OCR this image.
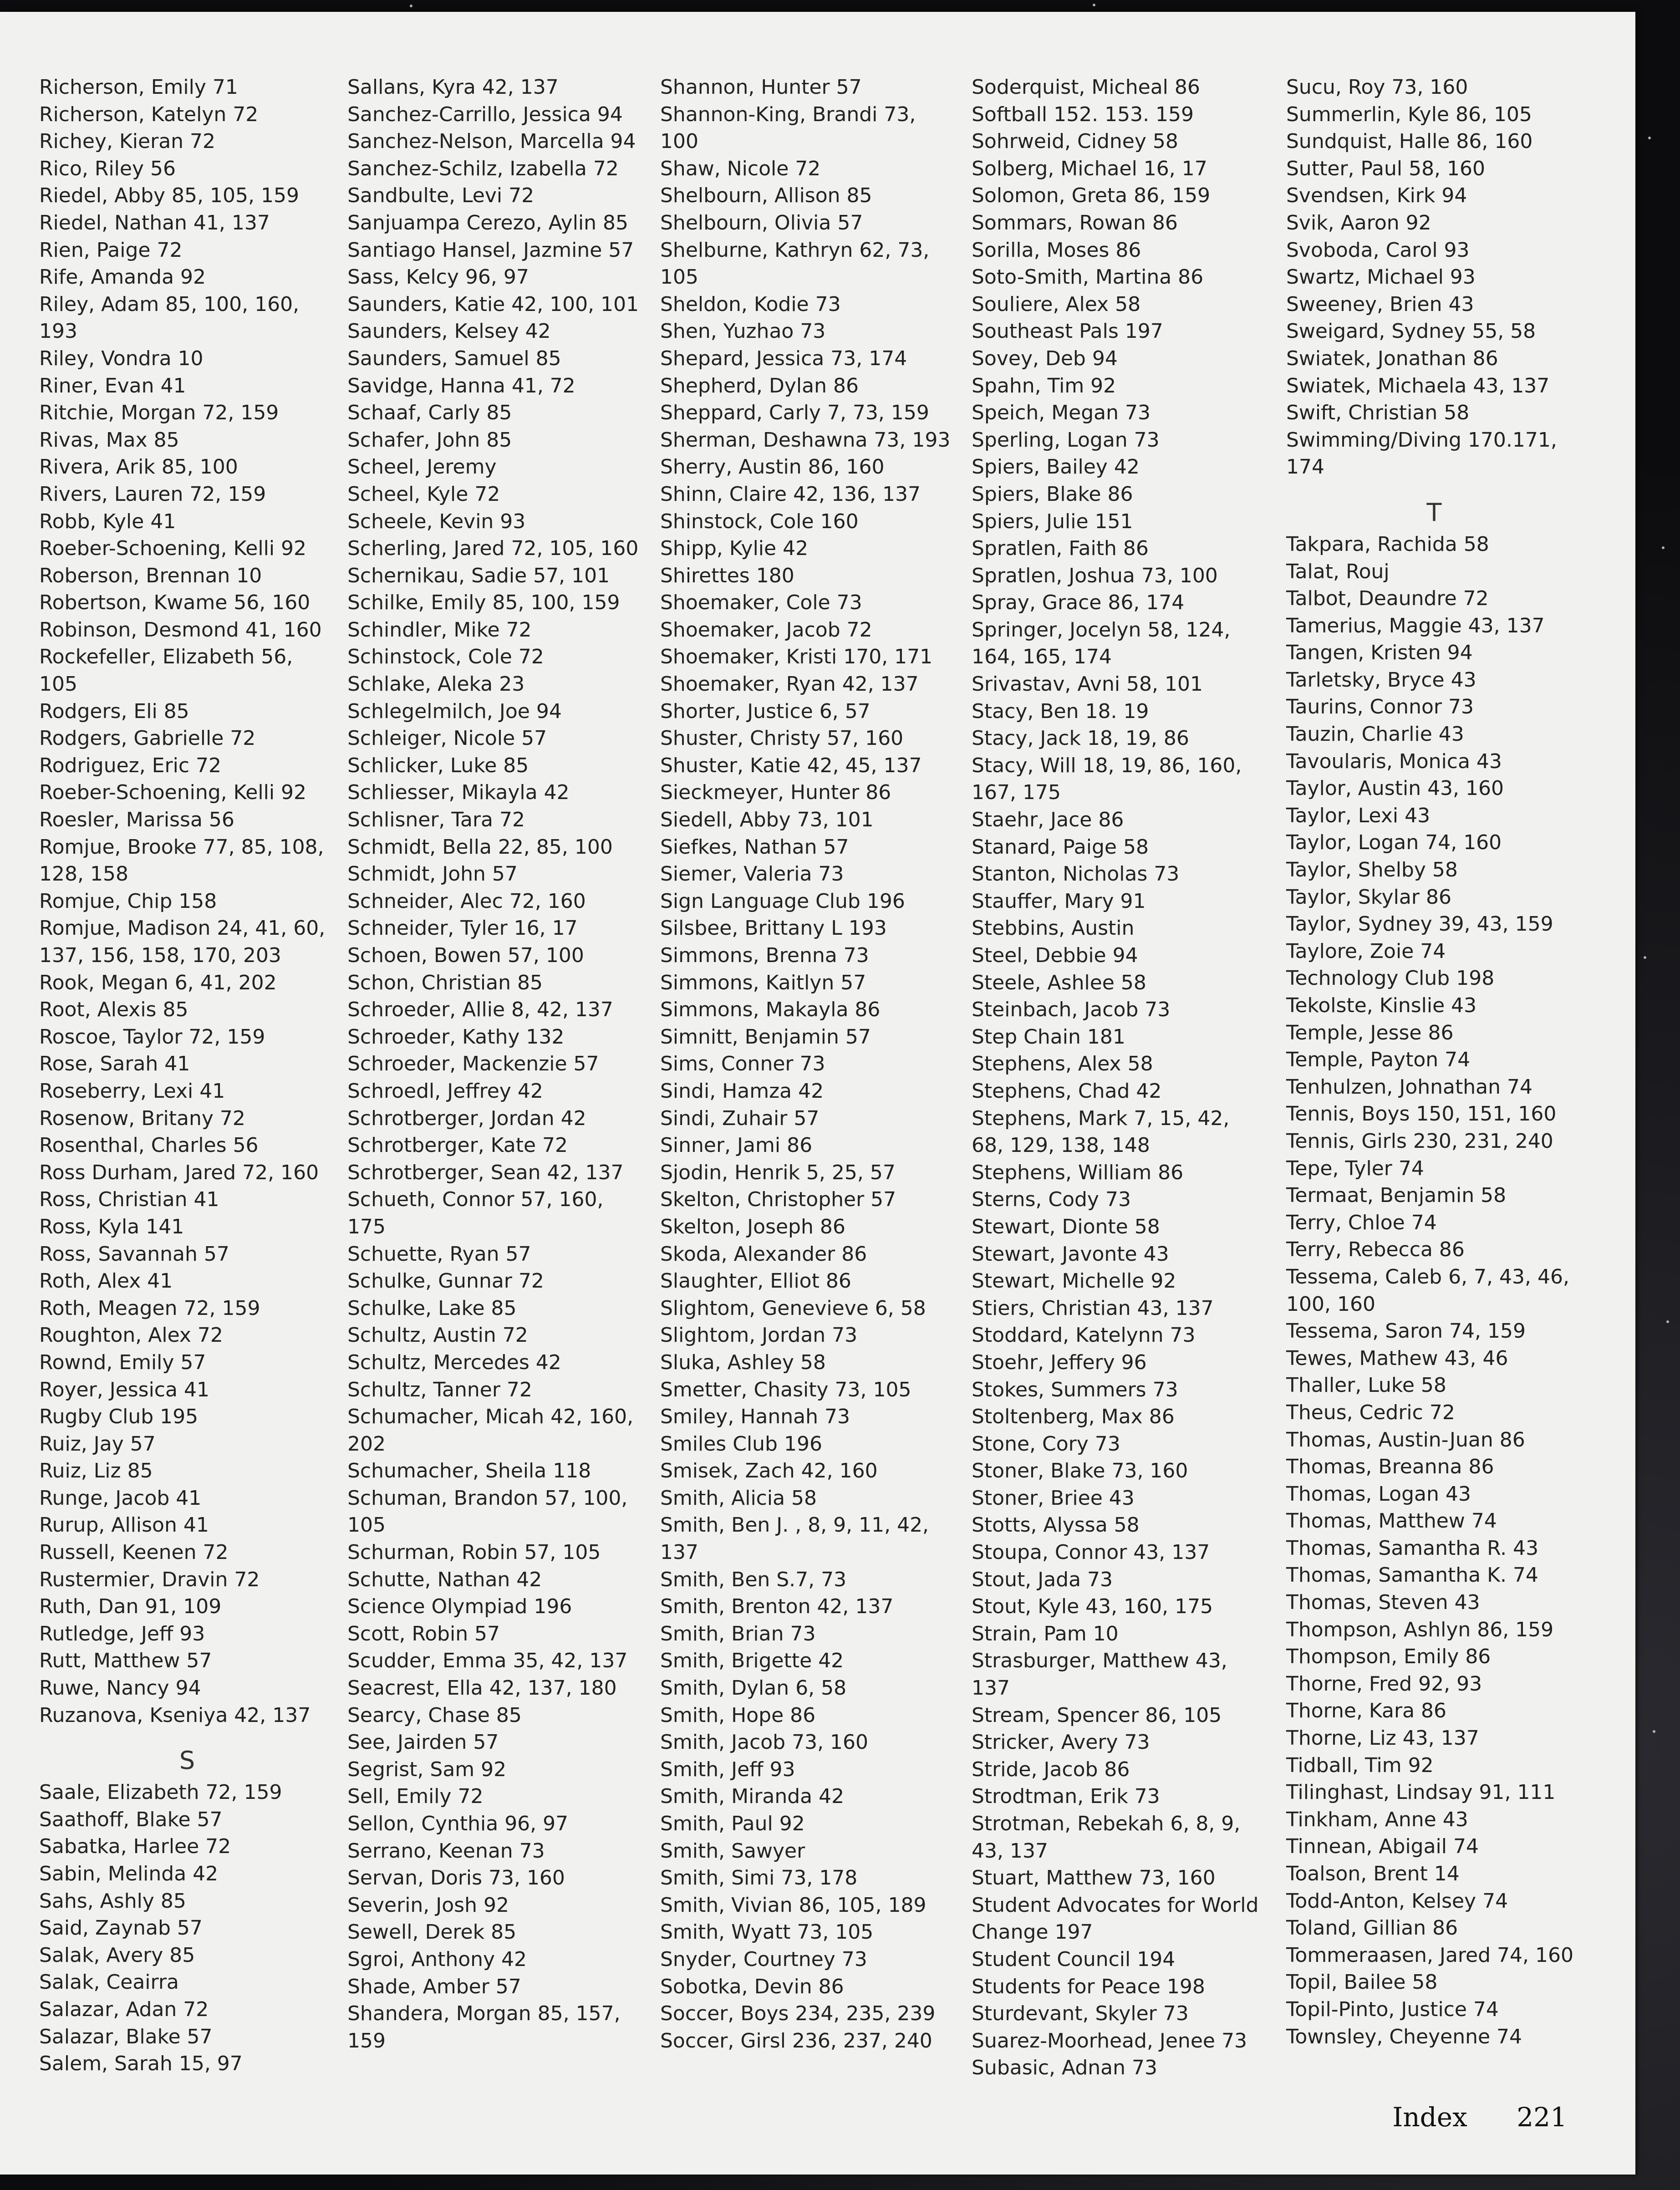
Richerson, Emily 71
Richerson, Katelyn 72
Richey, Kieran 72
Rico, Riley 56
Riedel, Abby 85, 105, 159
Riedel, Nathan 41, 137
Rien, Paige 72
Rife, Amanda 92
Riley, Adam 85, 100, 160, 193
Riley, Vondra 10
Riner, Evan 41
Ritchie, Morgan 72, 159
Rivas, Max 85
Rivera, Arik 85, 100
Rivers, Lauren 72, 159
Robb, Kyle 41
Roeber-Schoening, Kelli 92
Roberson, Brennan 10
Robertson, Kwame 56, 160
Robinson, Desmond 41, 160
Rockefeller, Elizabeth 56, 105
Rodgers, Eli 85
Rodgers, Gabrielle 72
Rodriguez, Eric 72
Roeber-Schoening, Kelli 92
Roesler, Marissa 56
Romjue, Brooke 77, 85, 108, 128, 158
Romjue, Chip 158
Romjue, Madison 24, 41, 60, 137, 156, 158, 170, 203
Rook, Megan 6, 41, 202
Root, Alexis 85
Roscoe, Taylor 72, 159
Rose, Sarah 41
Roseberry, Lexi 41
Rosenow, Britany 72
Rosenthal, Charles 56
Ross Durham, Jared 72, 160
Ross, Christian 41
Ross, Kyla 141
Ross, Savannah 57
Roth, Alex 41
Roth, Meagen 72, 159
Roughton, Alex 72
Rownd, Emily 57
Royer, Jessica 41
Rugby Club 195
Ruiz, Jay 57
Ruiz, Liz 85
Runge, Jacob 41
Rurup, Allison 41
Russell, Keenen 72
Rustermier, Dravin 72
Ruth, Dan 91, 109
Rutledge, Jeff 93
Rutt, Matthew 57
Ruwe, Nancy 94
Ruzanova, Kseniya 42, 137
S
Saale, Elizabeth 72, 159
Saathoff, Blake 57
Sabatka, Harlee 72
Sabin, Melinda 42
Sahs, Ashly 85
Said, Zaynab 57
Salak, Avery 85
Salak, Ceairra
Salazar, Adan 72
Salazar, Blake 57
Salem, Sarah 15, 97
Sallans, Kyra 42, 137
Sanchez-Carrillo, Jessica 94
Sanchez-Nelson, Marcella 94
Sanchez-Schilz, Izabella 72
Sandbulte, Levi 72
Sanjuampa Cerezo, Aylin 85
Santiago Hansel, Jazmine 57
Sass, Kelcy 96, 97
Saunders, Katie 42, 100, 101
Saunders, Kelsey 42
Saunders, Samuel 85
Savidge, Hanna 41, 72
Schaaf, Carly 85
Schafer, John 85
Scheel, Jeremy
Scheel, Kyle 72
Scheele, Kevin 93
Scherling, Jared 72, 105, 160
Schernikau, Sadie 57, 101
Schilke, Emily 85, 100, 159
Schindler, Mike 72
Schinstock, Cole 72
Schlake, Aleka 23
Schlegelmilch, Joe 94
Schleiger, Nicole 57
Schlicker, Luke 85
Schliesser, Mikayla 42
Schlisner, Tara 72
Schmidt, Bella 22, 85, 100
Schmidt, John 57
Schneider, Alec 72, 160
Schneider, Tyler 16, 17
Schoen, Bowen 57, 100
Schon, Christian 85
Schroeder, Allie 8, 42, 137
Schroeder, Kathy 132
Schroeder, Mackenzie 57
Schroedl, Jeffrey 42
Schrotberger, Jordan 42
Schrotberger, Kate 72
Schrotberger, Sean 42, 137
Schueth, Connor 57, 160, 175
Schuette, Ryan 57
Schulke, Gunnar 72
Schulke, Lake 85
Schultz, Austin 72
Schultz, Mercedes 42
Schultz, Tanner 72
Schumacher, Micah 42, 160, 202
Schumacher, Sheila 118
Schuman, Brandon 57, 100, 105
Schurman, Robin 57, 105
Schutte, Nathan 42
Science Olympiad 196
Scott, Robin 57
Scudder, Emma 35, 42, 137
Seacrest, Ella 42, 137, 180
Searcy, Chase 85
See, Jairden 57
Segrist, Sam 92
Sell, Emily 72
Sellon, Cynthia 96, 97
Serrano, Keenan 73
Servan, Doris 73, 160
Severin, Josh 92
Sewell, Derek 85
Sgroi, Anthony 42
Shade, Amber 57
Shandera, Morgan 85, 157, 159
Shannon, Hunter 57
Shannon-King, Brandi 73, 100
Shaw, Nicole 72
Shelbourn, Allison 85
Shelbourn, Olivia 57
Shelburne, Kathryn 62, 73, 105
Sheldon, Kodie 73
Shen, Yuzhao 73
Shepard, Jessica 73, 174
Shepherd, Dylan 86
Sheppard, Carly 7, 73, 159
Sherman, Deshawna 73, 193
Sherry, Austin 86, 160
Shinn, Claire 42, 136, 137
Shinstock, Cole 160
Shipp, Kylie 42
Shirettes 180
Shoemaker, Cole 73
Shoemaker, Jacob 72
Shoemaker, Kristi 170, 171
Shoemaker, Ryan 42, 137
Shorter, Justice 6, 57
Shuster, Christy 57, 160
Shuster, Katie 42, 45, 137
Sieckmeyer, Hunter 86
Siedell, Abby 73, 101
Siefkes, Nathan 57
Siemer, Valeria 73
Sign Language Club 196
Silsbee, Brittany L 193
Simmons, Brenna 73
Simmons, Kaitlyn 57
Simmons, Makayla 86
Simnitt, Benjamin 57
Sims, Conner 73
Sindi, Hamza 42
Sindi, Zuhair 57
Sinner, Jami 86
Sjodin, Henrik 5, 25, 57
Skelton, Christopher 57
Skelton, Joseph 86
Skoda, Alexander 86
Slaughter, Elliot 86
Slightom, Genevieve 6, 58
Slightom, Jordan 73
Sluka, Ashley 58
Smetter, Chasity 73, 105
Smiley, Hannah 73
Smiles Club 196
Smisek, Zach 42, 160
Smith, Alicia 58
Smith, Ben J. , 8, 9, 11, 42, 137
Smith, Ben S.7, 73
Smith, Brenton 42, 137
Smith, Brian 73
Smith, Brigette 42
Smith, Dylan 6, 58
Smith, Hope 86
Smith, Jacob 73, 160
Smith, Jeff 93
Smith, Miranda 42
Smith, Paul 92
Smith, Sawyer
Smith, Simi 73, 178
Smith, Vivian 86, 105, 189
Smith, Wyatt 73, 105
Snyder, Courtney 73
Sobotka, Devin 86
Soccer, Boys 234, 235, 239
Soccer, Girsl 236, 237, 240
Soderquist, Micheal 86
Softball 152. 153. 159
Sohrweid, Cidney 58
Solberg, Michael 16, 17
Solomon, Greta 86, 159
Sommars, Rowan 86
Sorilla, Moses 86
Soto-Smith, Martina 86
Souliere, Alex 58
Southeast Pals 197
Sovey, Deb 94
Spahn, Tim 92
Speich, Megan 73
Sperling, Logan 73
Spiers, Bailey 42
Spiers, Blake 86
Spiers, Julie 151
Spratlen, Faith 86
Spratlen, Joshua 73, 100
Spray, Grace 86, 174
Springer, Jocelyn 58, 124, 164, 165, 174
Srivastav, Avni 58, 101
Stacy, Ben 18. 19
Stacy, Jack 18, 19, 86
Stacy, Will 18, 19, 86, 160, 167, 175
Staehr, Jace 86
Stanard, Paige 58
Stanton, Nicholas 73
Stauffer, Mary 91
Stebbins, Austin
Steel, Debbie 94
Steele, Ashlee 58
Steinbach, Jacob 73
Step Chain 181
Stephens, Alex 58
Stephens, Chad 42
Stephens, Mark 7, 15, 42, 68, 129, 138, 148
Stephens, William 86
Sterns, Cody 73
Stewart, Dionte 58
Stewart, Javonte 43
Stewart, Michelle 92
Stiers, Christian 43, 137
Stoddard, Katelynn 73
Stoehr, Jeffery 96
Stokes, Summers 73
Stoltenberg, Max 86
Stone, Cory 73
Stoner, Blake 73, 160
Stoner, Briee 43
Stotts, Alyssa 58
Stoupa, Connor 43, 137
Stout, Jada 73
Stout, Kyle 43, 160, 175
Strain, Pam 10
Strasburger, Matthew 43, 137
Stream, Spencer 86, 105
Stricker, Avery 73
Stride, Jacob 86
Strodtman, Erik 73
Strotman, Rebekah 6, 8, 9, 43, 137
Stuart, Matthew 73, 160
Student Advocates for World Change 197
Student Council 194
Students for Peace 198
Sturdevant, Skyler 73
Suarez-Moorhead, Jenee 73
Subasic, Adnan 73
Sucu, Roy 73, 160
Summerlin, Kyle 86, 105
Sundquist, Halle 86, 160
Sutter, Paul 58, 160
Svendsen, Kirk 94
Svik, Aaron 92
Svoboda, Carol 93
Swartz, Michael 93
Sweeney, Brien 43
Sweigard, Sydney 55, 58
Swiatek, Jonathan 86
Swiatek, Michaela 43, 137
Swift, Christian 58
Swimming/Diving 170.171, 174
T
Takpara, Rachida 58
Talat, Rouj
Talbot, Deaundre 72
Tamerius, Maggie 43, 137
Tangen, Kristen 94
Tarletsky, Bryce 43
Taurins, Connor 73
Tauzin, Charlie 43
Tavoularis, Monica 43
Taylor, Austin 43, 160
Taylor, Lexi 43
Taylor, Logan 74, 160
Taylor, Shelby 58
Taylor, Skylar 86
Taylor, Sydney 39, 43, 159
Taylore, Zoie 74
Technology Club 198
Tekolste, Kinslie 43
Temple, Jesse 86
Temple, Payton 74
Tenhulzen, Johnathan 74
Tennis, Boys 150, 151, 160
Tennis, Girls 230, 231, 240
Tepe, Tyler 74
Termaat, Benjamin 58
Terry, Chloe 74
Terry, Rebecca 86
Tessema, Caleb 6, 7, 43, 46, 100, 160
Tessema, Saron 74, 159
Tewes, Mathew 43, 46
Thaller, Luke 58
Theus, Cedric 72
Thomas, Austin-Juan 86
Thomas, Breanna 86
Thomas, Logan 43
Thomas, Matthew 74
Thomas, Samantha R. 43
Thomas, Samantha K. 74
Thomas, Steven 43
Thompson, Ashlyn 86, 159
Thompson, Emily 86
Thorne, Fred 92, 93
Thorne, Kara 86
Thorne, Liz 43, 137
Tidball, Tim 92
Tilinghast, Lindsay 91, 111
Tinkham, Anne 43
Tinnean, Abigail 74
Toalson, Brent 14
Todd-Anton, Kelsey 74
Toland, Gillian 86
Tommeraasen, Jared 74, 160
Topil, Bailee 58
Topil-Pinto, Justice 74
Townsley, Cheyenne 74
Index 221
